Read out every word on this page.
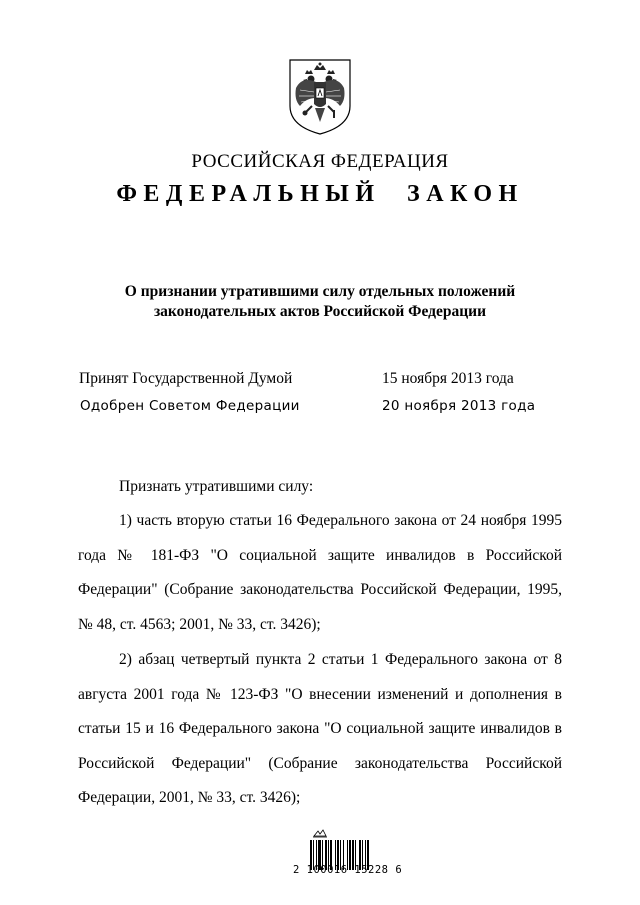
РОССИЙСКАЯ ФЕДЕРАЦИЯ
ФЕДЕРАЛЬНЫЙ ЗАКОН
О признании утратившими силу отдельных положений
законодательных актов Российской Федерации
Принят Государственной Думой	15 ноября 2013 года
Одобрен Советом Федерации	20 ноября 2013 года
Признать утратившими силу:
1) часть вторую статьи 16 Федерального закона от 24 ноября 1995 года № 181-ФЗ "О социальной защите инвалидов в Российской Федерации" (Собрание законодательства Российской Федерации, 1995, № 48, ст. 4563; 2001, № 33, ст. 3426);
2) абзац четвертый пункта 2 статьи 1 Федерального закона от 8 августа 2001 года № 123-ФЗ "О внесении изменений и дополнения в статьи 15 и 16 Федерального закона "О социальной защите инвалидов в Российской Федерации" (Собрание законодательства Российской Федерации, 2001, № 33, ст. 3426);
2 100016 15228 6
